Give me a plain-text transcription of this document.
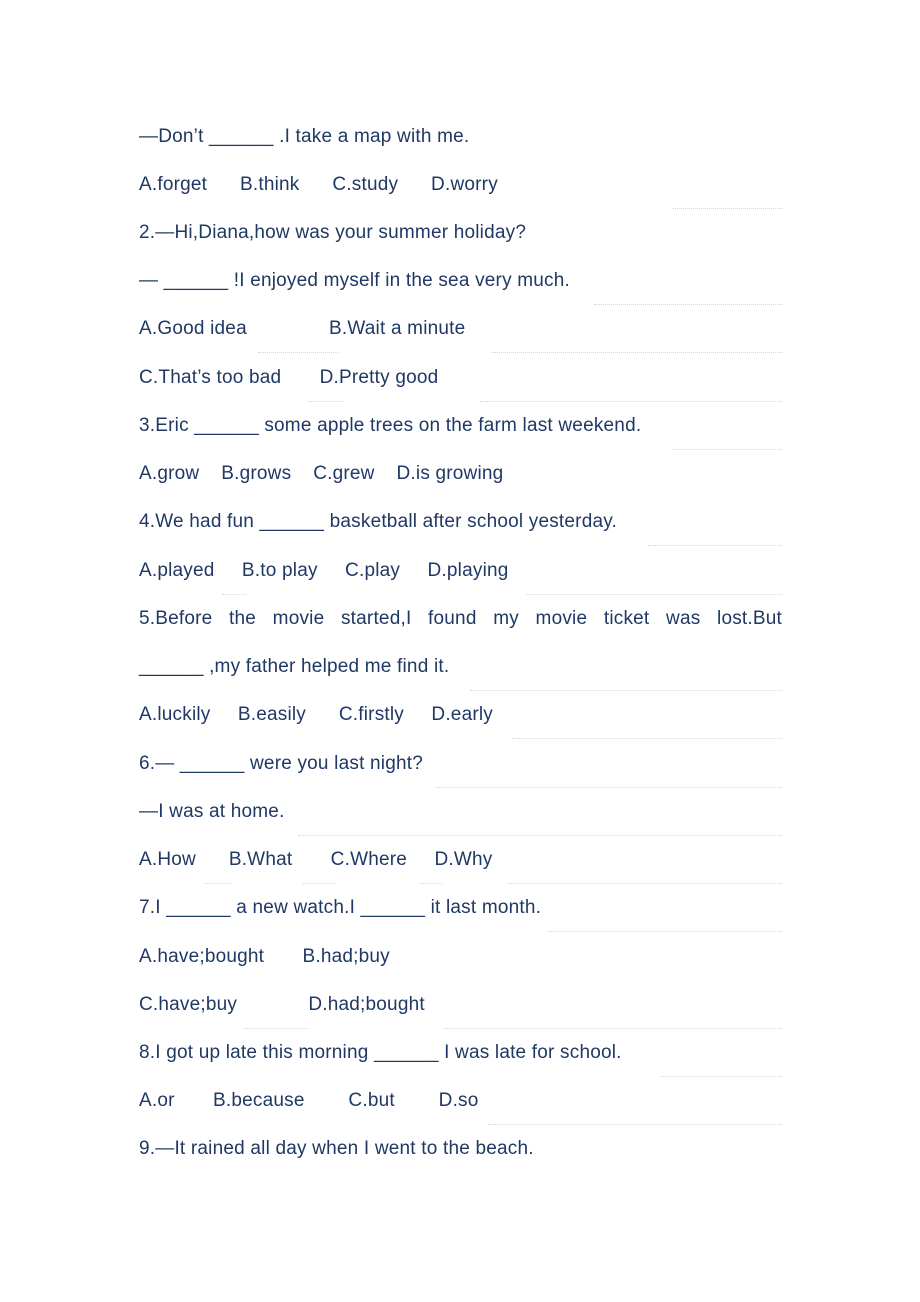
—Don’t ______ .I take a map with me.
A.forget      B.think      C.study      D.worry
2.—Hi,Diana,how was your summer holiday?
— ______ !I enjoyed myself in the sea very much.
A.Good idea               B.Wait a minute
C.That’s too bad       D.Pretty good
3.Eric ______ some apple trees on the farm last weekend.
A.grow    B.grows    C.grew    D.is growing
4.We had fun ______ basketball after school yesterday.
A.played     B.to play     C.play     D.playing
5.Before the movie started,I found my movie ticket was lost.But
______ ,my father helped me find it.
A.luckily     B.easily      C.firstly     D.early
6.— ______ were you last night?
—I was at home.
A.How      B.What       C.Where     D.Why
7.I ______ a new watch.I ______ it last month.
A.have;bought       B.had;buy
C.have;buy             D.had;bought
8.I got up late this morning ______ I was late for school.
A.or       B.because        C.but        D.so
9.—It rained all day when I went to the beach.
